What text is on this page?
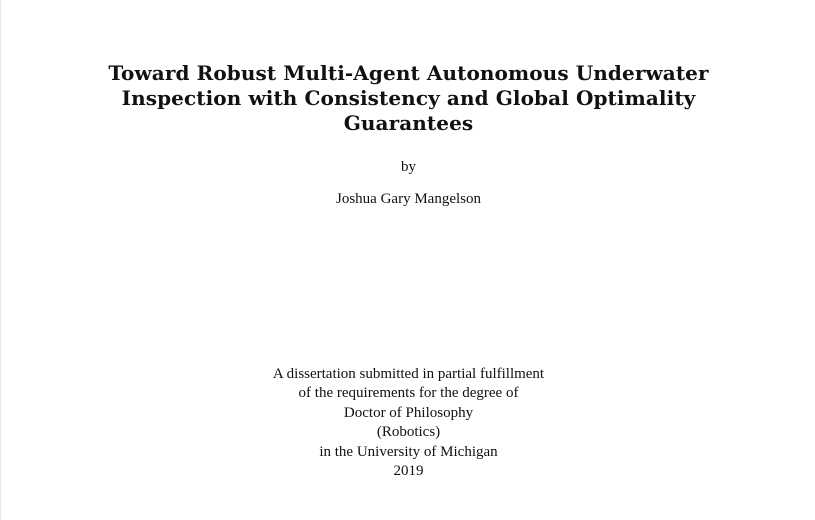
Toward Robust Multi-Agent Autonomous Underwater
Inspection with Consistency and Global Optimality
Guarantees
by
Joshua Gary Mangelson
A dissertation submitted in partial fulfillment
of the requirements for the degree of
Doctor of Philosophy
(Robotics)
in the University of Michigan
2019
